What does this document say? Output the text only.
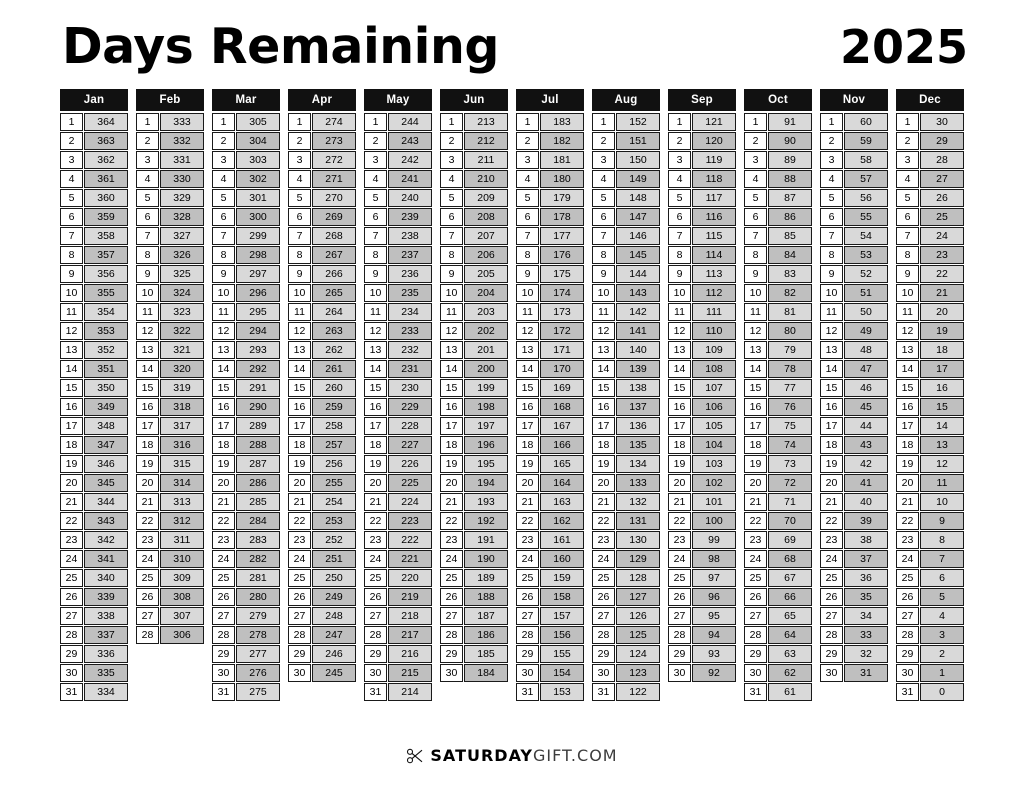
Days Remaining	2025
Jan
1	364
2	363
3	362
4	361
5	360
6	359
7	358
8	357
9	356
10	355
11	354
12	353
13	352
14	351
15	350
16	349
17	348
18	347
19	346
20	345
21	344
22	343
23	342
24	341
25	340
26	339
27	338
28	337
29	336
30	335
31	334
Feb
1	333
2	332
3	331
4	330
5	329
6	328
7	327
8	326
9	325
10	324
11	323
12	322
13	321
14	320
15	319
16	318
17	317
18	316
19	315
20	314
21	313
22	312
23	311
24	310
25	309
26	308
27	307
28	306
Mar
1	305
2	304
3	303
4	302
5	301
6	300
7	299
8	298
9	297
10	296
11	295
12	294
13	293
14	292
15	291
16	290
17	289
18	288
19	287
20	286
21	285
22	284
23	283
24	282
25	281
26	280
27	279
28	278
29	277
30	276
31	275
Apr
1	274
2	273
3	272
4	271
5	270
6	269
7	268
8	267
9	266
10	265
11	264
12	263
13	262
14	261
15	260
16	259
17	258
18	257
19	256
20	255
21	254
22	253
23	252
24	251
25	250
26	249
27	248
28	247
29	246
30	245
May
1	244
2	243
3	242
4	241
5	240
6	239
7	238
8	237
9	236
10	235
11	234
12	233
13	232
14	231
15	230
16	229
17	228
18	227
19	226
20	225
21	224
22	223
23	222
24	221
25	220
26	219
27	218
28	217
29	216
30	215
31	214
Jun
1	213
2	212
3	211
4	210
5	209
6	208
7	207
8	206
9	205
10	204
11	203
12	202
13	201
14	200
15	199
16	198
17	197
18	196
19	195
20	194
21	193
22	192
23	191
24	190
25	189
26	188
27	187
28	186
29	185
30	184
Jul
1	183
2	182
3	181
4	180
5	179
6	178
7	177
8	176
9	175
10	174
11	173
12	172
13	171
14	170
15	169
16	168
17	167
18	166
19	165
20	164
21	163
22	162
23	161
24	160
25	159
26	158
27	157
28	156
29	155
30	154
31	153
Aug
1	152
2	151
3	150
4	149
5	148
6	147
7	146
8	145
9	144
10	143
11	142
12	141
13	140
14	139
15	138
16	137
17	136
18	135
19	134
20	133
21	132
22	131
23	130
24	129
25	128
26	127
27	126
28	125
29	124
30	123
31	122
Sep
1	121
2	120
3	119
4	118
5	117
6	116
7	115
8	114
9	113
10	112
11	111
12	110
13	109
14	108
15	107
16	106
17	105
18	104
19	103
20	102
21	101
22	100
23	99
24	98
25	97
26	96
27	95
28	94
29	93
30	92
Oct
1	91
2	90
3	89
4	88
5	87
6	86
7	85
8	84
9	83
10	82
11	81
12	80
13	79
14	78
15	77
16	76
17	75
18	74
19	73
20	72
21	71
22	70
23	69
24	68
25	67
26	66
27	65
28	64
29	63
30	62
31	61
Nov
1	60
2	59
3	58
4	57
5	56
6	55
7	54
8	53
9	52
10	51
11	50
12	49
13	48
14	47
15	46
16	45
17	44
18	43
19	42
20	41
21	40
22	39
23	38
24	37
25	36
26	35
27	34
28	33
29	32
30	31
Dec
1	30
2	29
3	28
4	27
5	26
6	25
7	24
8	23
9	22
10	21
11	20
12	19
13	18
14	17
15	16
16	15
17	14
18	13
19	12
20	11
21	10
22	9
23	8
24	7
25	6
26	5
27	4
28	3
29	2
30	1
31	0
SATURDAYGIFT.COM
